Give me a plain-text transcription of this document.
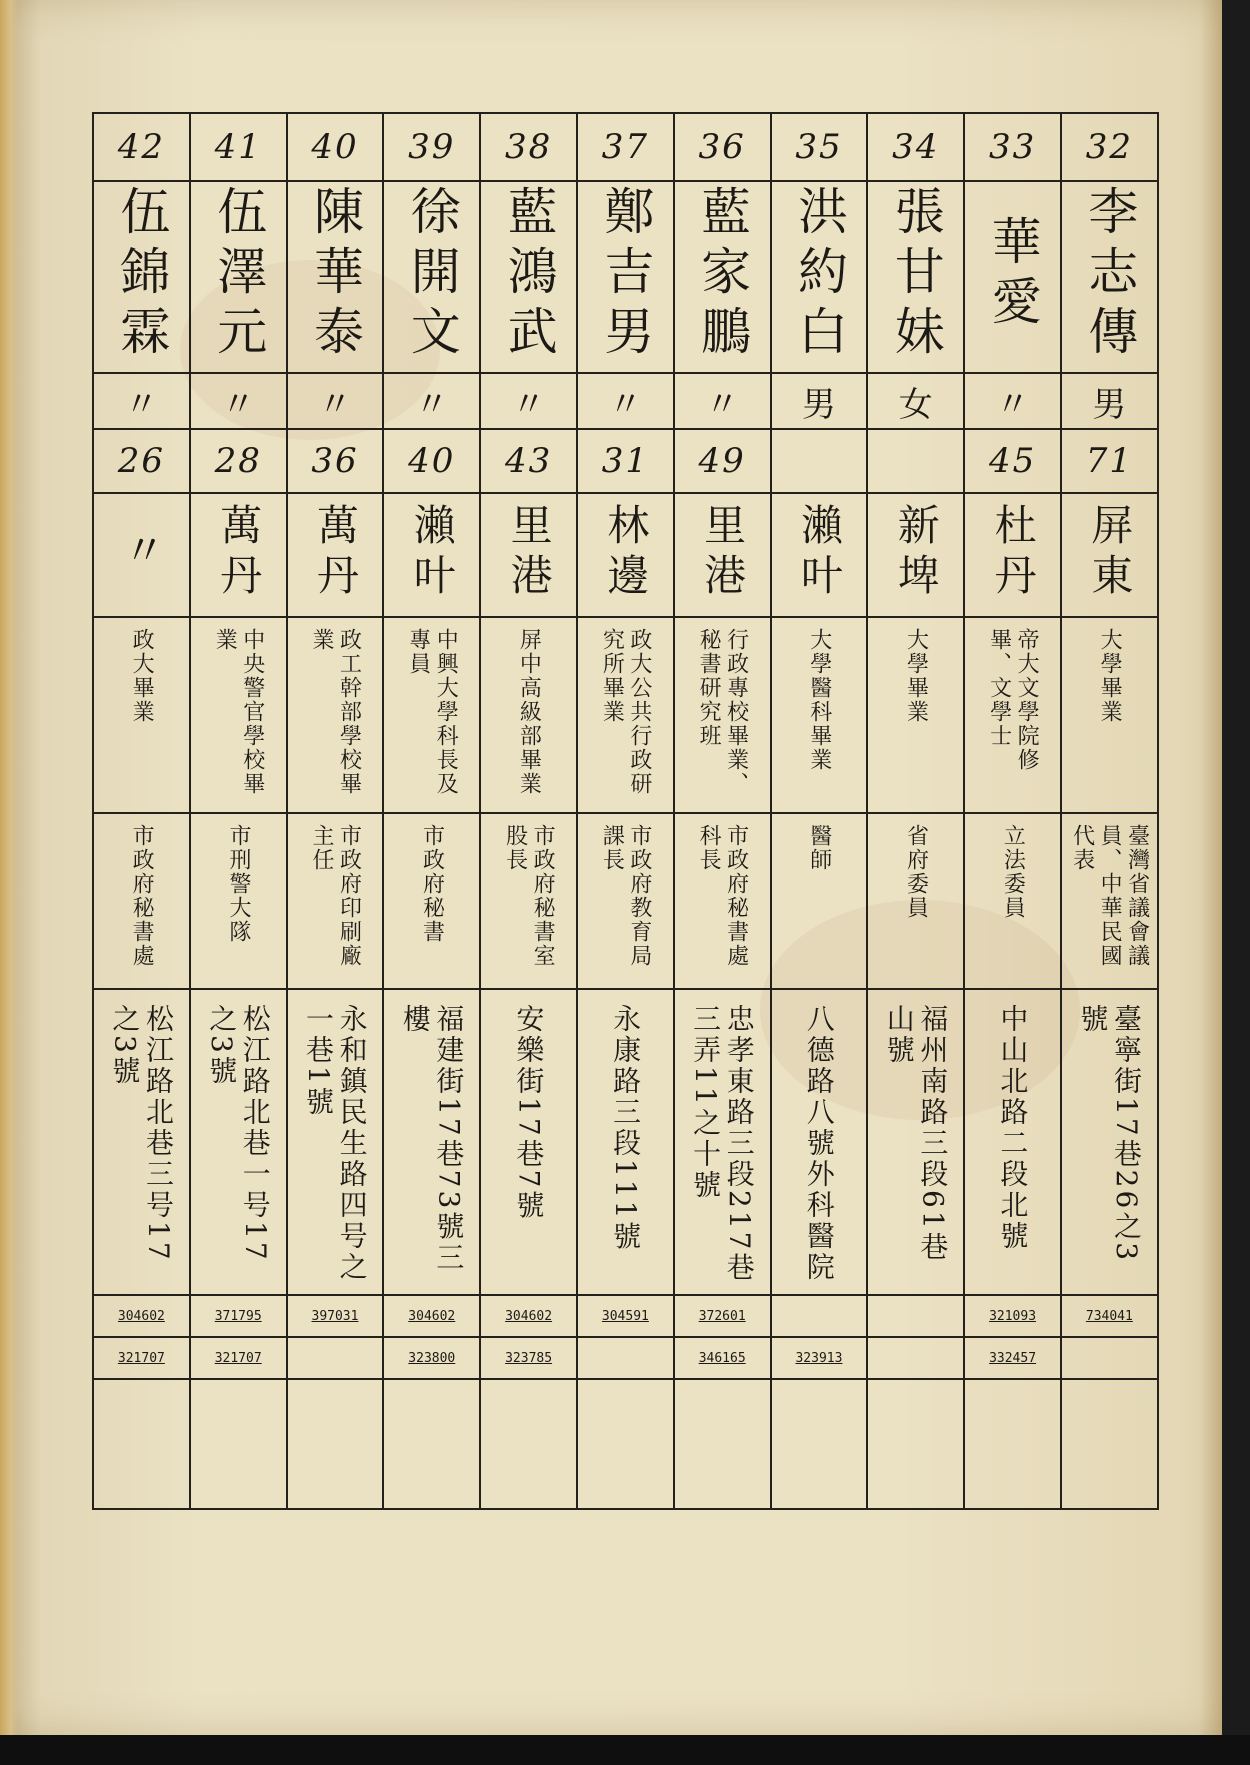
42	41	40	39	38	37	36	35	34	33	32
伍錦霖	伍澤元	陳華泰	徐開文	藍鴻武	鄭吉男	藍家鵬	洪約白	張甘妹	華愛	李志傳
〃	〃	〃	〃	〃	〃	〃	男	女	〃	男
26	28	36	40	43	31	49			45	71
〃	萬丹	萬丹	瀨叶	里港	林邊	里港	瀨叶	新埤	杜丹	屏東
政大畢業	中央警官學校畢業	政工幹部學校畢業	中興大學科長及專員	屏中高級部畢業	政大公共行政研究所畢業	行政專校畢業、秘書研究班	大學醫科畢業	大學畢業	帝大文學院修畢、文學士	大學畢業
市政府秘書處	市刑警大隊	市政府印刷廠主任	市政府秘書	市政府秘書室股長	市政府教育局課長	市政府秘書處科長	醫師	省府委員	立法委員	臺灣省議會議員、中華民國代表
松江路北巷三号17之3號	松江路北巷一号17之3號	永和鎮民生路四号之一巷1號	福建街17巷73號三樓	安樂街17巷7號	永康路三段111號	忠孝東路三段217巷三弄11之十號	八德路八號外科醫院	福州南路三段61巷山號	中山北路二段北號	臺寧街17巷26之3號
304602	371795	397031	304602	304602	304591	372601			321093	734041
321707	321707		323800	323785		346165	323913		332457	
